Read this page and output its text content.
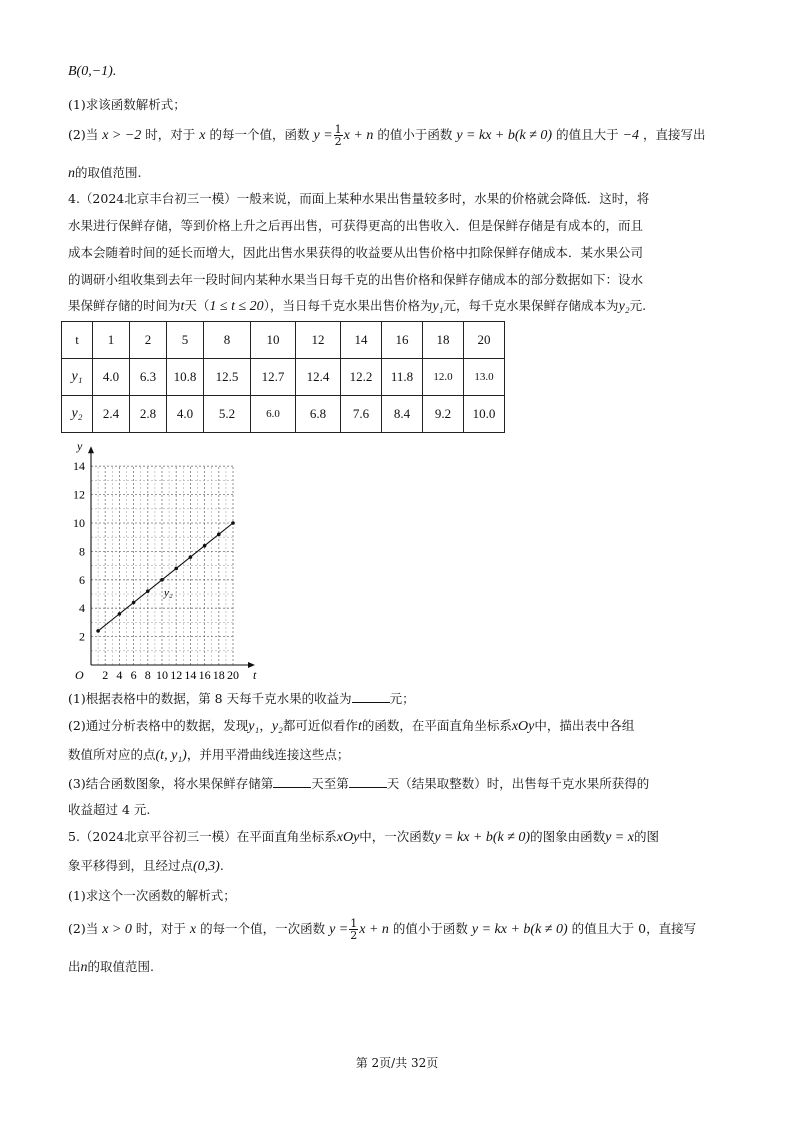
B(0,−1).
(1)求该函数解析式；
(2)当 x > −2 时，对于 x 的每一个值，函数 $y = \frac{1}{2}$ x + n 的值小于函数 y = kx + b(k ≠ 0) 的值且大于 −4 ，直接写出
n的取值范围.
4.（2024北京丰台初三一模）一般来说，而面上某种水果出售量较多时，水果的价格就会降低．这时，将
水果进行保鲜存储，等到价格上升之后再出售，可获得更高的出售收入．但是保鲜存储是有成本的，而且
成本会随着时间的延长而增大，因此出售水果获得的收益要从出售价格中扣除保鲜存储成本．某水果公司
的调研小组收集到去年一段时间内某种水果当日每千克的出售价格和保鲜存储成本的部分数据如下：设水
果保鲜存储的时间为t天（1 ≤ t ≤ 20），当日每千克水果出售价格为y₁元，每千克水果保鲜存储成本为y₂元.
t	1	2	5	8	10	12	14	16	18	20
y₁	4.0	6.3	10.8	12.5	12.7	12.4	12.2	11.8	12.0	13.0
y₂	2.4	2.8	4.0	5.2	6.0	6.8	7.6	8.4	9.2	10.0
2 4 6 8 10 12 14 16 18 20
2
4
6
8
10
12
14
y
t
O
y₂
(1)根据表格中的数据，第 8 天每千克水果的收益为	元；
(2)通过分析表格中的数据，发现y₁，y₂都可近似看作t的函数，在平面直角坐标系xOy中，描出表中各组
数值所对应的点(t, y₁)，并用平滑曲线连接这些点；
(3)结合函数图象，将水果保鲜存储第	天至第	天（结果取整数）时，出售每千克水果所获得的
收益超过 4 元.
5.（2024北京平谷初三一模）在平面直角坐标系xOy中，一次函数y = kx + b(k ≠ 0)的图象由函数y = x的图
象平移得到，且经过点(0,3).
(1)求这个一次函数的解析式；
(2)当 x > 0 时，对于 x 的每一个值，一次函数 $y = \frac{1}{2}$ x + n 的值小于函数 y = kx + b(k ≠ 0) 的值且大于 0，直接写
出n的取值范围.
第 2页/共 32页
